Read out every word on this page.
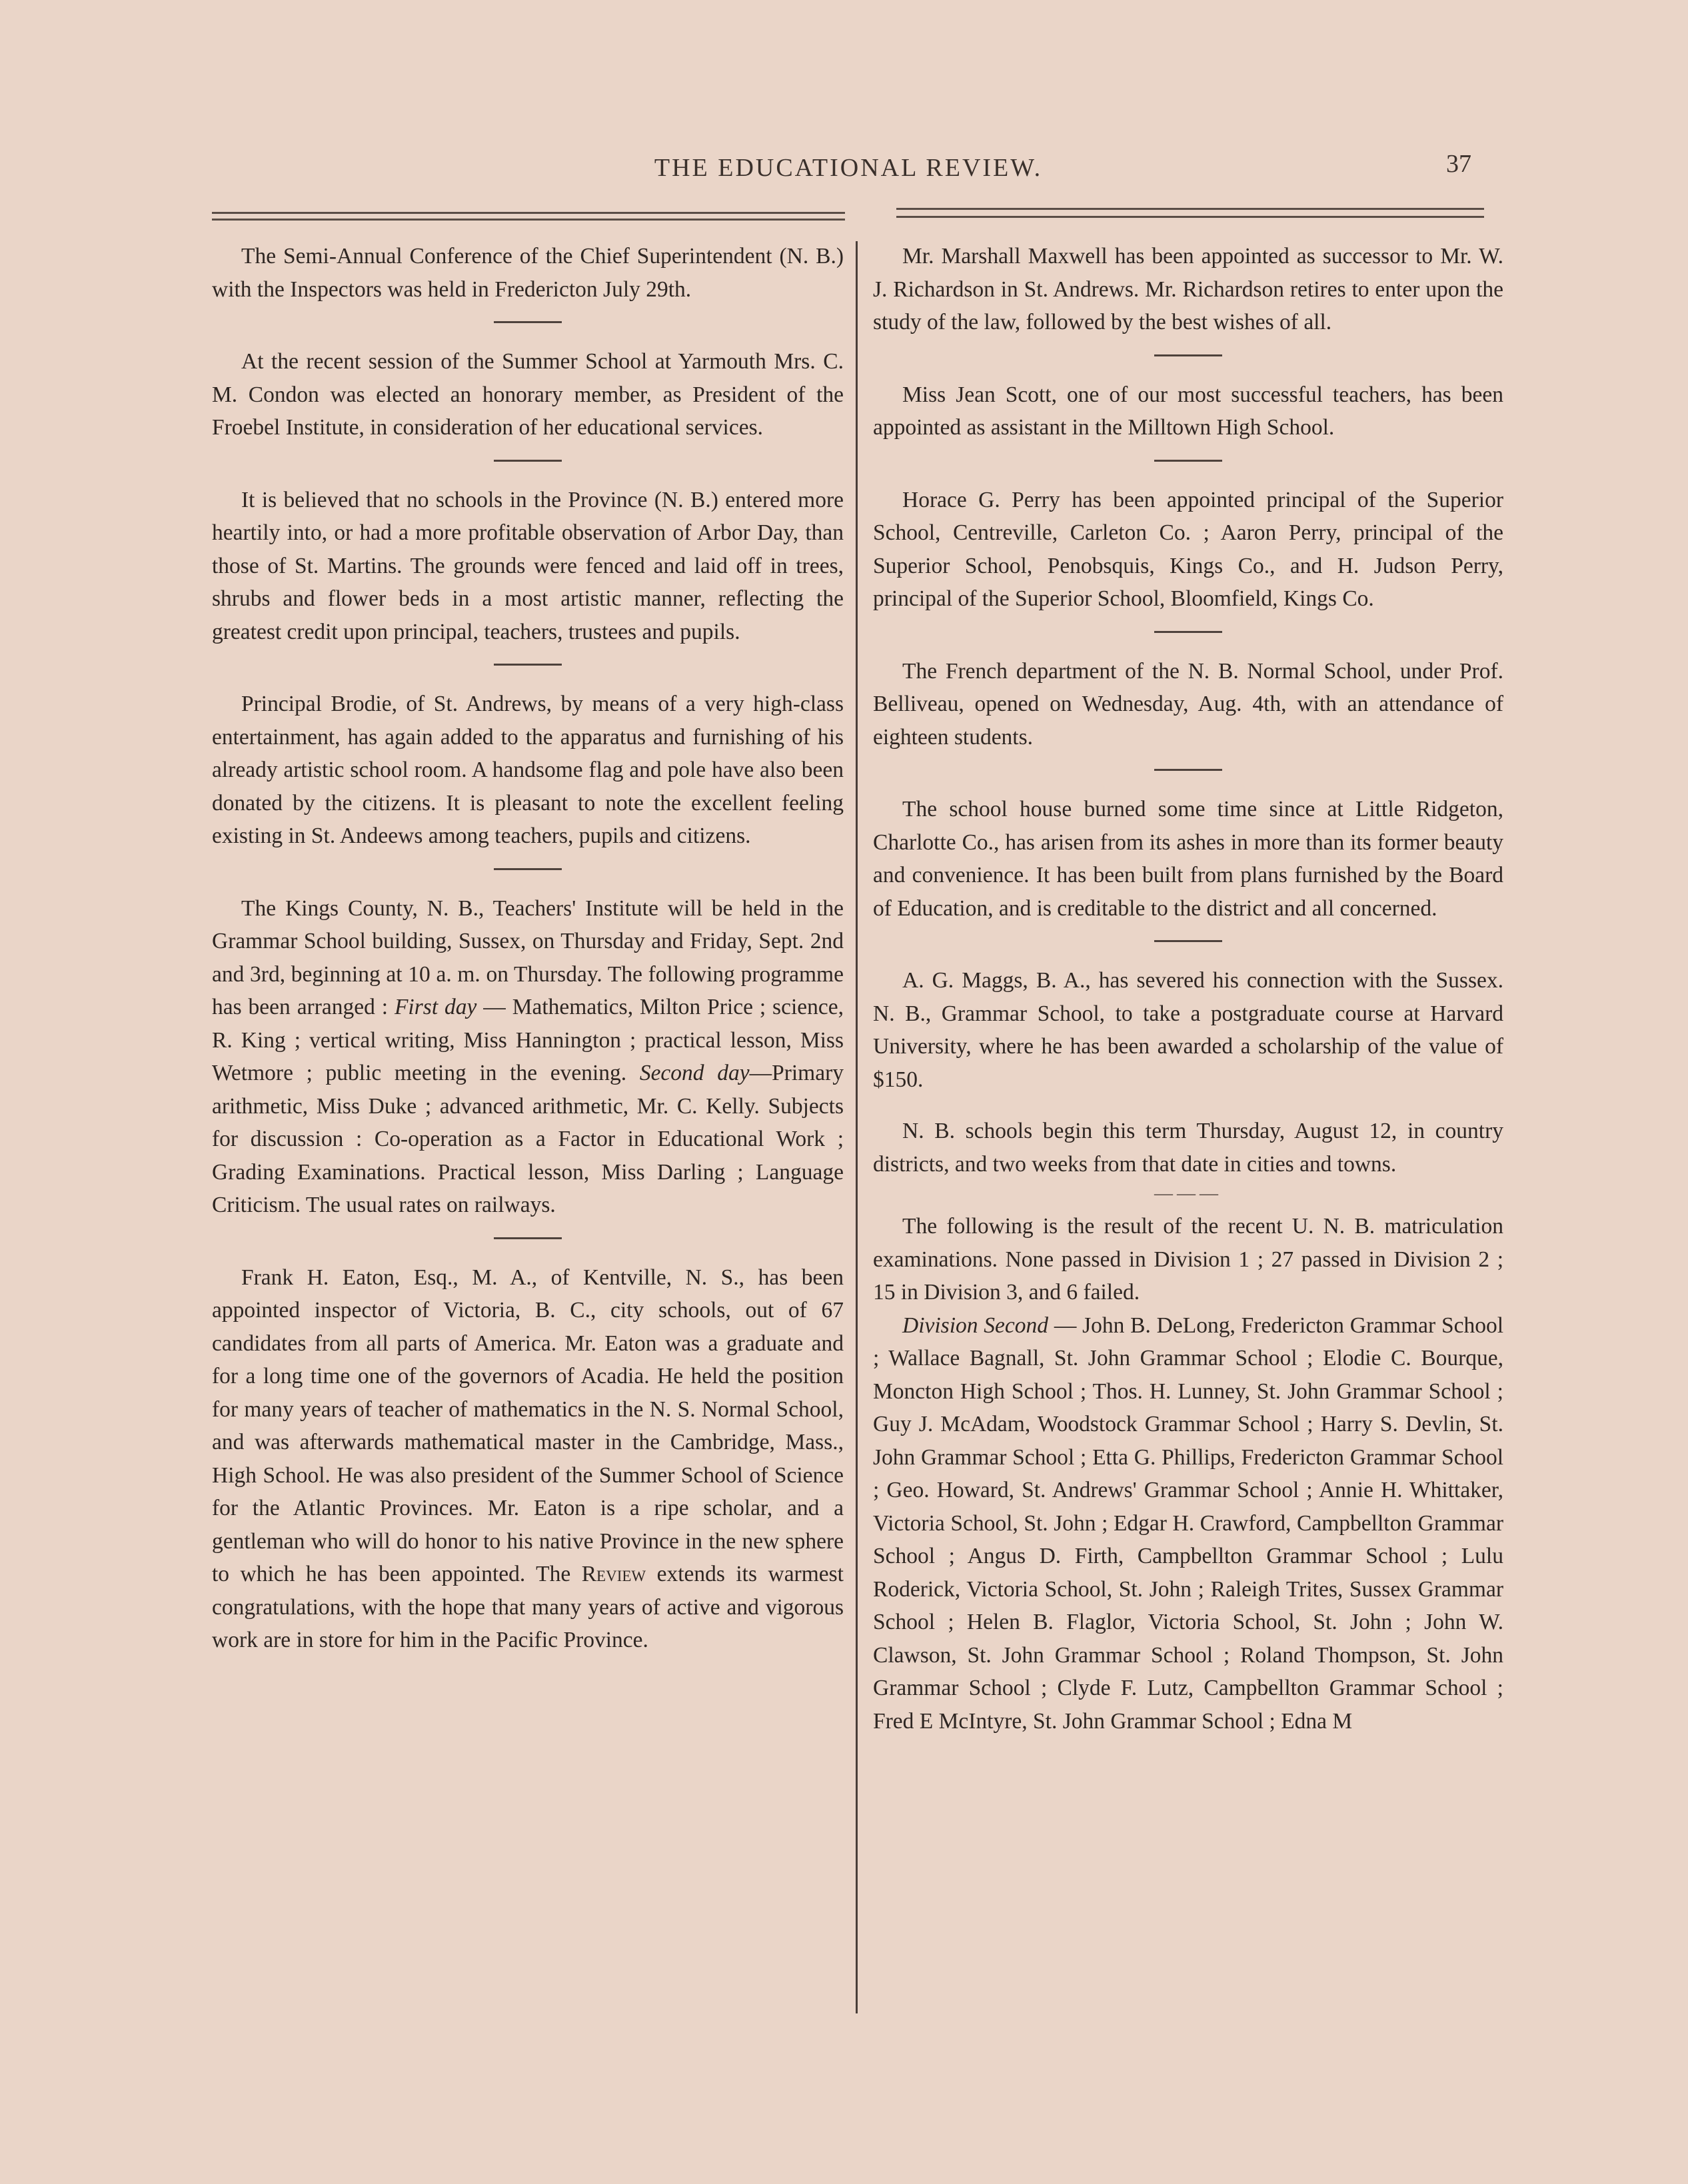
THE EDUCATIONAL REVIEW.	37

The Semi-Annual Conference of the Chief Superintendent (N. B.) with the Inspectors was held in Fredericton July 29th.

At the recent session of the Summer School at Yarmouth Mrs. C. M. Condon was elected an honorary member, as President of the Froebel Institute, in consideration of her educational services.

It is believed that no schools in the Province (N. B.) entered more heartily into, or had a more profitable observation of Arbor Day, than those of St. Martins. The grounds were fenced and laid off in trees, shrubs and flower beds in a most artistic manner, reflecting the greatest credit upon principal, teachers, trustees and pupils.

Principal Brodie, of St. Andrews, by means of a very high-class entertainment, has again added to the apparatus and furnishing of his already artistic school room. A handsome flag and pole have also been donated by the citizens. It is pleasant to note the excellent feeling existing in St. Andeews among teachers, pupils and citizens.

The Kings County, N. B., Teachers' Institute will be held in the Grammar School building, Sussex, on Thursday and Friday, Sept. 2nd and 3rd, beginning at 10 a. m. on Thursday. The following programme has been arranged : First day — Mathematics, Milton Price ; science, R. King ; vertical writing, Miss Hannington ; practical lesson, Miss Wetmore ; public meeting in the evening. Second day—Primary arithmetic, Miss Duke ; advanced arithmetic, Mr. C. Kelly. Subjects for discussion : Co-operation as a Factor in Educational Work ; Grading Examinations. Practical lesson, Miss Darling ; Language Criticism. The usual rates on railways.

Frank H. Eaton, Esq., M. A., of Kentville, N. S., has been appointed inspector of Victoria, B. C., city schools, out of 67 candidates from all parts of America. Mr. Eaton was a graduate and for a long time one of the governors of Acadia. He held the position for many years of teacher of mathematics in the N. S. Normal School, and was afterwards mathematical master in the Cambridge, Mass., High School. He was also president of the Summer School of Science for the Atlantic Provinces. Mr. Eaton is a ripe scholar, and a gentleman who will do honor to his native Province in the new sphere to which he has been appointed. The Review extends its warmest congratulations, with the hope that many years of active and vigorous work are in store for him in the Pacific Province.

Mr. Marshall Maxwell has been appointed as successor to Mr. W. J. Richardson in St. Andrews. Mr. Richardson retires to enter upon the study of the law, followed by the best wishes of all.

Miss Jean Scott, one of our most successful teachers, has been appointed as assistant in the Milltown High School.

Horace G. Perry has been appointed principal of the Superior School, Centreville, Carleton Co. ; Aaron Perry, principal of the Superior School, Penobsquis, Kings Co., and H. Judson Perry, principal of the Superior School, Bloomfield, Kings Co.

The French department of the N. B. Normal School, under Prof. Belliveau, opened on Wednesday, Aug. 4th, with an attendance of eighteen students.

The school house burned some time since at Little Ridgeton, Charlotte Co., has arisen from its ashes in more than its former beauty and convenience. It has been built from plans furnished by the Board of Education, and is creditable to the district and all concerned.

A. G. Maggs, B. A., has severed his connection with the Sussex. N. B., Grammar School, to take a postgraduate course at Harvard University, where he has been awarded a scholarship of the value of $150.

N. B. schools begin this term Thursday, August 12, in country districts, and two weeks from that date in cities and towns.

———

The following is the result of the recent U. N. B. matriculation examinations. None passed in Division 1 ; 27 passed in Division 2 ; 15 in Division 3, and 6 failed.

Division Second — John B. DeLong, Fredericton Grammar School ; Wallace Bagnall, St. John Grammar School ; Elodie C. Bourque, Moncton High School ; Thos. H. Lunney, St. John Grammar School ; Guy J. McAdam, Woodstock Grammar School ; Harry S. Devlin, St. John Grammar School ; Etta G. Phillips, Fredericton Grammar School ; Geo. Howard, St. Andrews' Grammar School ; Annie H. Whittaker, Victoria School, St. John ; Edgar H. Crawford, Campbellton Grammar School ; Angus D. Firth, Campbellton Grammar School ; Lulu Roderick, Victoria School, St. John ; Raleigh Trites, Sussex Grammar School ; Helen B. Flaglor, Victoria School, St. John ; John W. Clawson, St. John Grammar School ; Roland Thompson, St. John Grammar School ; Clyde F. Lutz, Campbellton Grammar School ; Fred E McIntyre, St. John Grammar School ; Edna M
